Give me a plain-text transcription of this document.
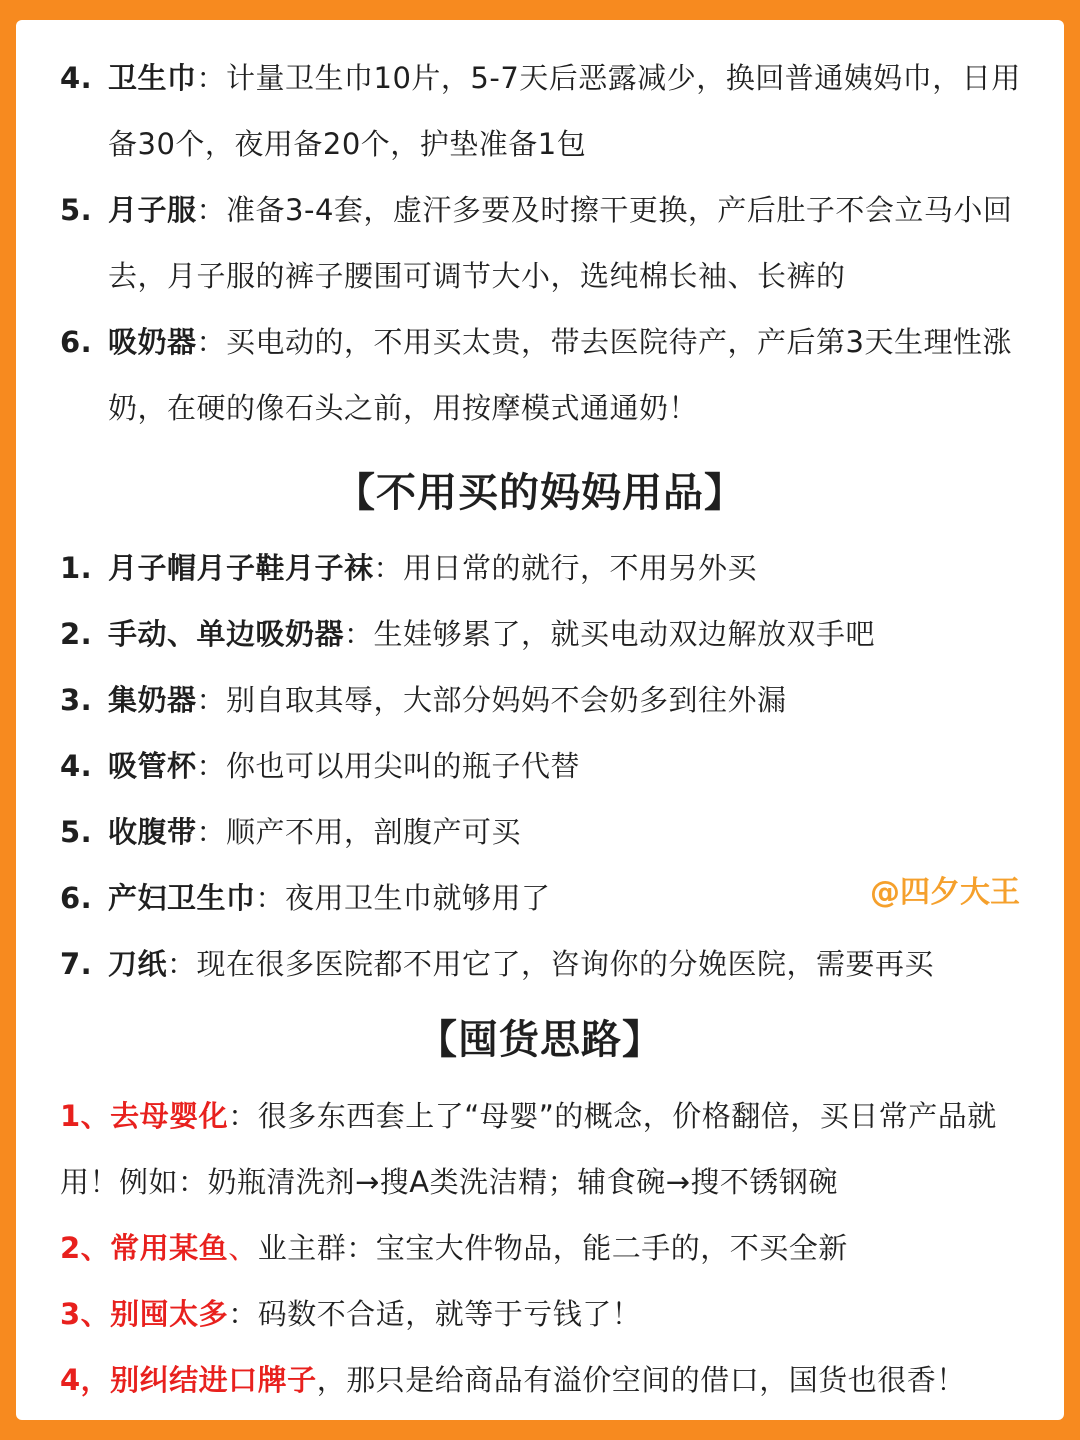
4. 卫生巾：计量卫生巾10片，5-7天后恶露减少，换回普通姨妈巾，日用
备30个，夜用备20个，护垫准备1包
5. 月子服：准备3-4套，虚汗多要及时擦干更换，产后肚子不会立马小回
去，月子服的裤子腰围可调节大小，选纯棉长袖、长裤的
6. 吸奶器：买电动的，不用买太贵，带去医院待产，产后第3天生理性涨
奶，在硬的像石头之前，用按摩模式通通奶！
【不用买的妈妈用品】
1. 月子帽月子鞋月子袜：用日常的就行，不用另外买
2. 手动、单边吸奶器：生娃够累了，就买电动双边解放双手吧
3. 集奶器：别自取其辱，大部分妈妈不会奶多到往外漏
4. 吸管杯：你也可以用尖叫的瓶子代替
5. 收腹带：顺产不用，剖腹产可买
6. 产妇卫生巾：夜用卫生巾就够用了	@四夕大王
7. 刀纸：现在很多医院都不用它了，咨询你的分娩医院，需要再买
【囤货思路】
1、去母婴化：很多东西套上了“母婴”的概念，价格翻倍，买日常产品就
用！例如：奶瓶清洗剂→搜A类洗洁精；辅食碗→搜不锈钢碗
2、常用某鱼、业主群：宝宝大件物品，能二手的，不买全新
3、别囤太多：码数不合适，就等于亏钱了！
4，别纠结进口牌子，那只是给商品有溢价空间的借口，国货也很香！
